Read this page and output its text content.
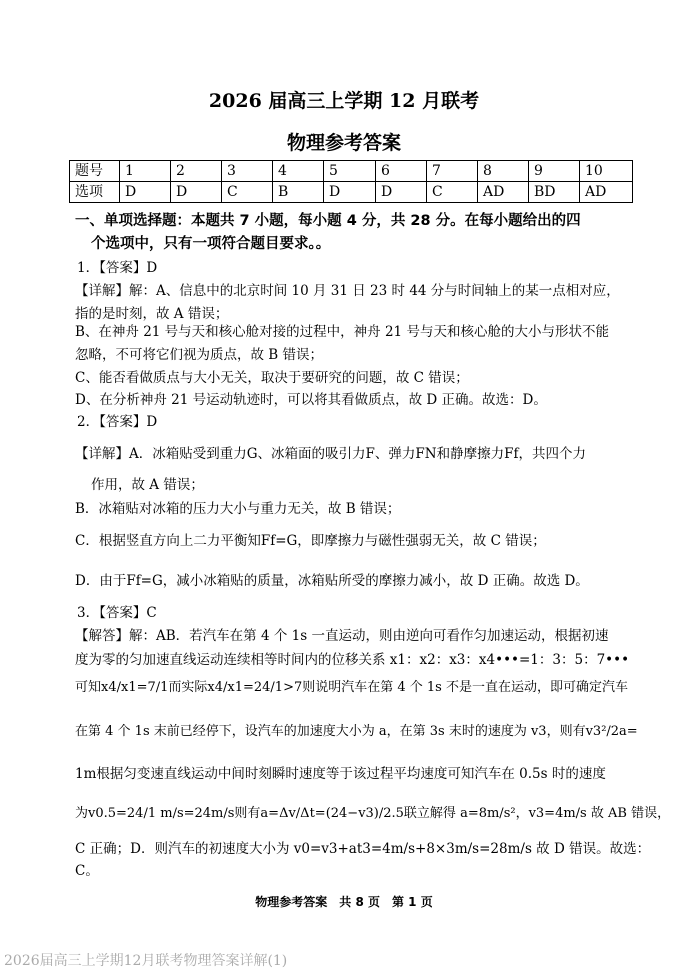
2026 届高三上学期 12 月联考
物理参考答案
题号	1	2	3	4	5	6	7	8	9	10
选项	D	D	C	B	D	D	C	AD	BD	AD
一、单项选择题：本题共 7 小题，每小题 4 分，共 28 分。在每小题给出的四
个选项中，只有一项符合题目要求。。
1．【答案】D
【详解】解：A、信息中的北京时间 10 月 31 日 23 时 44 分与时间轴上的某一点相对应，
指的是时刻，故 A 错误；
B、在神舟 21 号与天和核心舱对接的过程中，神舟 21 号与天和核心舱的大小与形状不能
忽略，不可将它们视为质点，故 B 错误；
C、能否看做质点与大小无关，取决于要研究的问题，故 C 错误；
D、在分析神舟 21 号运动轨迹时，可以将其看做质点，故 D 正确。故选：D。
2．【答案】D
【详解】A．冰箱贴受到重力G、冰箱面的吸引力F、弹力FN和静摩擦力Ff，共四个力
作用，故 A 错误；
B．冰箱贴对冰箱的压力大小与重力无关，故 B 错误；
C．根据竖直方向上二力平衡知Ff=G，即摩擦力与磁性强弱无关，故 C 错误；
D．由于Ff=G，减小冰箱贴的质量，冰箱贴所受的摩擦力减小，故 D 正确。故选 D。
3．【答案】C
【解答】解：AB．若汽车在第 4 个 1s 一直运动，则由逆向可看作匀加速运动，根据初速
度为零的匀加速直线运动连续相等时间内的位移关系 x1：x2：x3：x4•••=1：3：5：7•••
可知x4/x1=7/1而实际x4/x1=24/1>7则说明汽车在第 4 个 1s 不是一直在运动，即可确定汽车
在第 4 个 1s 末前已经停下，设汽车的加速度大小为 a，在第 3s 末时的速度为 v3，则有v3²/2a=
1m根据匀变速直线运动中间时刻瞬时速度等于该过程平均速度可知汽车在 0.5s 时的速度
为v0.5=24/1 m/s=24m/s则有a=Δv/Δt=(24−v3)/2.5联立解得 a=8m/s²，v3=4m/s 故 AB 错误，
C 正确；D．则汽车的初速度大小为 v0=v3+at3=4m/s+8×3m/s=28m/s 故 D 错误。故选：
C。
物理参考答案　共 8 页　第 1 页
2026届高三上学期12月联考物理答案详解(1)
